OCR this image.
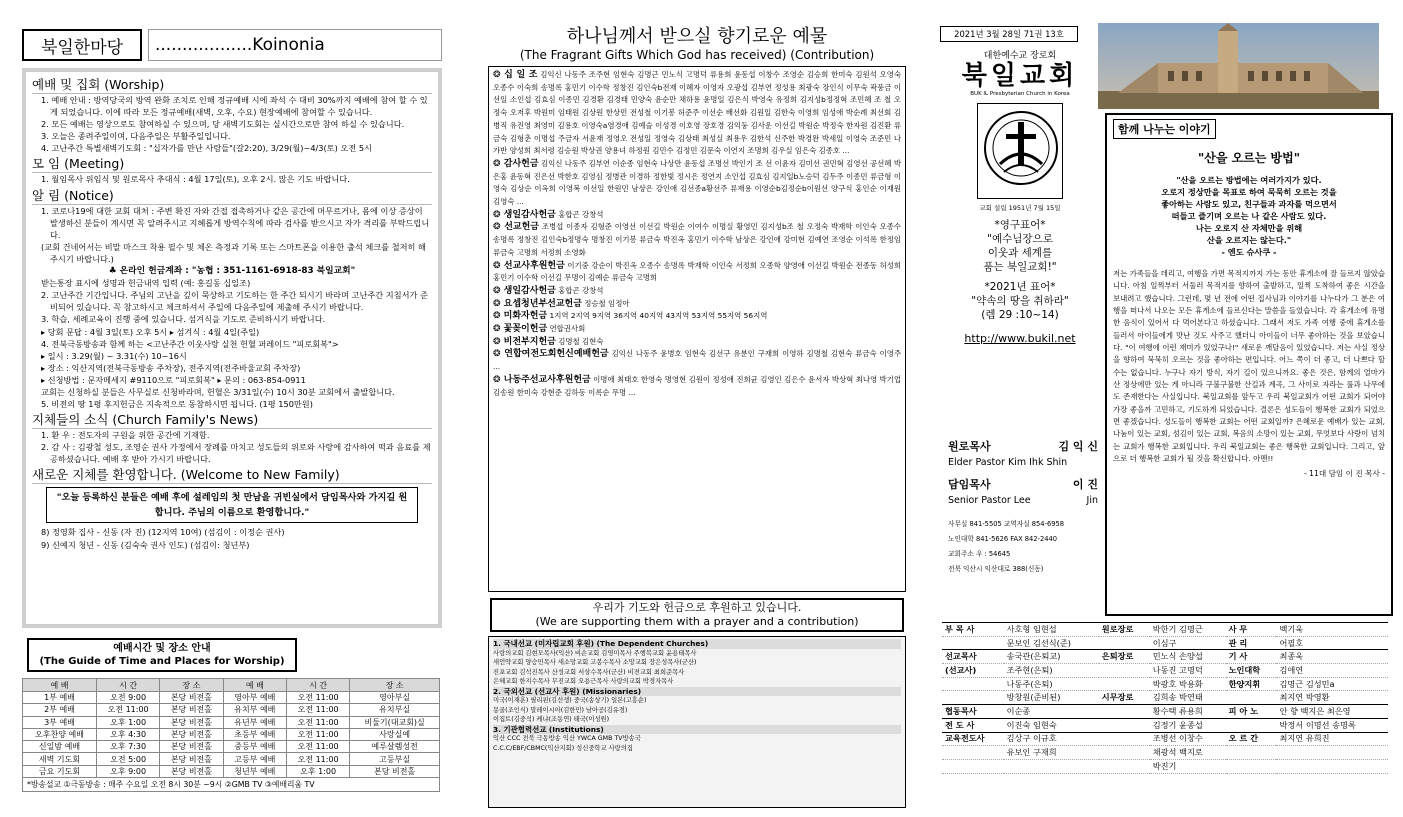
북일한마당	..................Koinonia
예배 및 집회 (Worship)
1. 예배 안내 : 방역당국의 방역 완화 조치로 인해 정규예배 시에 좌석 수 대비 30%까지 예배에 참여 할 수 있게 되었습니다. 이에 따라 모든 정규예배(새벽, 오후, 수요) 현장예배에 참여할 수 있습니다.
2. 모든 예배는 영상으로도 참여하실 수 있으며, 당 새벽기도회는 실시간으로만 참여 하실 수 있습니다.
3. 오늘은 종려주일이며, 다음주일은 부활주일입니다.
4. 고난주간 특별새벽기도회 : "십자가를 만난 사람들"(갈2:20), 3/29(월)~4/3(토) 오전 5시
모 임 (Meeting)
1. 월임목사 위임식 및 원로목사 추대식 : 4월 17일(토), 오후 2시. 많은 기도 바랍니다.
알 림 (Notice)
1. 코로나19에 대한 교회 대처 : 주변 확진 자와 간접 접촉하거나 같은 공간에 머무르거나, 몸에 이상 증상이 발생하신 분들이 계시면 꼭 알려주시고 지혜롭게 방역수칙에 따라 검사를 받으시고 자가 격리를 부탁드립니다.
(교회 건네어서는 비말 마스크 착용 필수 및 체온 측정과 기록 또는 스마트폰을 이용한 출석 체크를 철저히 해 주시기 바랍니다.)
♣ 온라인 헌금계좌 : "농협 : 351-1161-6918-83 북일교회"
받는통장 표시에 성명과 헌금내역 입력 (예: 홍길동 십일조)
2. 고난주간 기간입니다. 주님의 고난을 깊이 묵상하고 기도하는 한 주간 되시기 바라며 고난주간 지침서가 준비되어 있습니다. 꼭 참고하시고 체크하셔서 주일에 다음주일에 제출해 주시기 바랍니다.
3. 학습, 세례교육이 진행 중에 있습니다. 섬겨식을 기도로 준비하시기 바랍니다.
▸ 당회 문답 : 4월 3일(토) 오후 5시 ▸ 섬겨식 : 4월 4일(주일)
4. 전북극동방송과 함께 하는 <고난주간 이웃사랑 실천 헌혈 퍼레이드 "피로회복">
▸ 일시 : 3.29(월) ~ 3.31(수) 10~16시
▸ 장소 : 익산지역(전북극동방송 주차장), 전주지역(전주바울교회 주차장)
▸ 신청방법 : 문자메세지 #9110으로 "피로회복" ▸ 문의 : 063-854-0911
교회는 신청하실 분들은 사무실로 신청바라며, 헌혈은 3/31일(수) 10시 30분 교회에서 출발합니다.
5. 비전의 땅 1평 후지헌금은 지속적으로 동참하시면 됩니다. (1평 150만원)
지체들의 소식 (Church Family's News)
1. 환 우 : 전도자의 구원을 위한 공간에 기재함.
2. 감 사 : 김광철 성도, 조영순 권사 가정에서 장례를 마치고 성도들의 위로와 사랑에 감사하여 떡과 음료를 제공하셨습니다. 예배 후 받아 가시기 바랍니다.
새로운 지체를 환영합니다. (Welcome to New Family)
"오늘 등록하신 분들은 예배 후에 설레임의 첫 만남을 귀빈실에서 담임목사와 가지길 원합니다. 주님의 이름으로 환영합니다."
8) 정영화 집사 - 신동 (자 진) (12지역 10여) (섬김이 : 이정순 권사)
9) 신예지 청년 - 신동 (김숙숙 권사 인도) (섬김이: 청년부)
예배시간 및 장소 안내
(The Guide of Time and Places for Worship)
예 배	시 간	장 소	예 배	시 간	장 소
1부 예배	오전 9:00	본당 비전홀	영아부 예배	오전 11:00	영아부실
2부 예배	오전 11:00	본당 비전홀	유치부 예배	오전 11:00	유치부실
3부 예배	오후 1:00	본당 비전홀	유년부 예배	오전 11:00	비둘기(대교회)실
오후찬양 예배	오후 4:30	본당 비전홀	초등부 예배	오전 11:00	사랑실예
신일밤 예배	오후 7:30	본당 비전홀	중등부 예배	오전 11:00	예루살렘성전
새벽 기도회	오전 5:00	본당 비전홀	고등부 예배	오전 11:00	고등부실
금요 기도회	오후 9:00	본당 비전홀	청년부 예배	오후 1:00	본당 비전홀
*방송설교 ①극동방송 : 매주 수요일 오전 8시 30분 ~9시 ②GMB TV ③예배리움 TV
하나님께서 받으실 향기로운 예물
(The Fragrant Gifts Which God has received) (Contribution)

❂ 십 일 조 김익신 나동주 조주현 임현숙 김명근 민노식 고명덕 류용희 윤동섭 이창수 조영순 김승희 한미숙 김원석 오영숙 오종수 이숙희 송명록 홍민기 이수학 정창진 김인숙b전재 이혜자 이영자 오광섭 김부연 정성용 최광숙 장인식 이무숙 곽풍금 이선일 소인섭 김효심 이종민 김경환 김경태 민양숙 윤순만 채하용 윤명일 김은식 박영숙 유정희 김지성b정정혁 조민혜 조 철 오정숙 오저후 박원미 임태원 김상원 한상민 전성철 이기봉 허준주 이선순 배선화 김원일 김한숙 이영희 임성애 박순례 최선회 김병직 유진영 최영미 김용호 이영숙a염경애 김예슬 이성경 이호영 장호경 김익둥 김사운 이선길 박원순 박정숙 한자원 김진환 류금숙 김형춘 이명섭 주금자 서윤재 정영오 전성일 정영숙 김상태 최성실 최용우 김한석 신주한 박경완 박세일 이영숙 조준민 나가반 양성희 최서령 김승원 박상권 양용녀 하정원 김민수 김정민 김문숙 이연지 조명희 김우실 임은숙 김종호 ...

❂ 감사헌금 김익신 나동주 김부연 이순종 임현숙 나상만 윤동섭 조명선 박인기 조 선 이윤자 김미선 권민혁 김영선 공선혜 박은홍 윤동혁 진은선 박한호 김영심 정병관 이경하 정한빛 정시은 정연지 소인섭 김효심 김지일b노승덕 김두주 이종민 류금형 이영숙 김상순 이옥희 이영복 이선일 한원민 남상은 강인애 김선종a황선주 류재용 이영순b김정순b이원선 양구식 홍인순 이재원 김영숙 ...

❂ 생일감사헌금 홍합곤 강창석

❂ 선교헌금 조병섭 이종자 김형준 이영선 이선길 박원순 이여수 이명실 황영민 김지성b조 철 오정숙 박재학 이인숙 오종수 송명록 정창진 김인숙b정명숙 명창진 이기봉 류금숙 박진옥 홍민기 이수학 남상은 강인애 강미현 김예연 조영순 이석록 한정임 류금숙 고명희 서정희 소영화

❂ 선교사후원헌금 이기중 강순이 박진옥 오종수 송명록 박재학 이인숙 서정희 오종학 양영애 이선길 박원순 전종동 허성희 홍민기 이수학 이선길 무명이 김예순 류금숙 고명희

❂ 생일감사헌금 홍합곤 강창석

❂ 요셉청년부선교헌금 정승철 임정아

❂ 미화자헌금 1지역 2지역 9지역 36지역 40지역 43지역 53지역 55지역 56지역

❂ 꽃꽂이헌금 연합권사회

❂ 비전부지헌금 김명철 김현숙

❂ 연합여전도회헌신예배헌금 김익신 나동주 윤병호 임현숙 김선구 유분인 구재희 이영하 김명철 김현숙 류금숙 이영주 ...

❂ 나동주선교사후원헌금 이명애 최태호 한영숙 명영현 김원이 정성애 진희균 김영인 김은수 윤서자 박상혁 최나영 박기업 김송원 한미숙 강현준 김하동 이록순 무명 ...

우리가 기도와 헌금으로 후원하고 있습니다.
(We are supporting them with a prayer and a contribution)
1. 국내선교 (미자립교회 후원) (The Dependent Churches)
사랑의교회 김현모목사(익산) 비손교회 김영미목사 주행복교회 윤용태목사
새언약교회 양승민목사 새소망교회 고봉수목사 소망교회 장은성목사(군산)
진포교회 김석진목사 산성교회 서상수목사(군산) 비젼교회 최희준목사
은혜교회 한지수목사 무진교회 오용근목사 사랑의교회 박경자목사
2. 국외선교 (선교사 후원) (Missionaries)
미국(이재훈) 필리핀(김선생) 중국(송상기) 일본(고흥순)
몽골(조인식) 말레이시아(김한민) 남아공(김유경)
이집트(김중석) 케냐(조동연) 태국(이성원)
3. 기관협력선교 (Institutions)
익산 CCC 전북 극동방송 익산 YWCA GMB TV방송국
C.C.C/EBF/CBMC(익산지회) 성신중학교 사랑의집
2021년 3월 28일 71권 13호
대한예수교 장로회
북일교회
BUK IL Presbyterian Church in Korea
교회 설립 1951년 7월 15일
*영구표어*
"예수님장으로
이웃과 세계를
품는 북일교회!"
*2021년 표어*
"약속의 땅을 취하라"
(렘 29 :10~14)
http://www.bukil.net
원로목사	김 익 신
Elder Pastor Kim Ihk Shin
담임목사	이 진
Senior Pastor Lee	Jin
사무실 841-5505 교역자실 854-6958
노인대학 841-5626 FAX 842-2440
교회주소 우 : 54645
전북 익산시 익산대로 388(신동)
함께 나누는 이야기
"산을 오르는 방법"
"산을 오르는 방법에는 여러가지가 있다.
오로지 정상만을 목표로 하여 묵묵히 오르는 것을
좋아하는 사람도 있고, 친구들과 과자를 먹으면서
떠들고 즐기며 오르는 나 같은 사람도 있다.
나는 오로지 산 자체만을 위해
산을 오르지는 않는다."
- 엔도 슈사쿠 -
저는 가족들을 데리고, 여행을 가면 목적지까지 가는 동안 휴게소에 잘 들르지 않았습니다. 아침 일찍부터 서둘러 목적지를 향하여 출발하고, 일찍 도착하여 좋은 시간을 보내려고 했습니다. 그런데, 몇 년 전에 어떤 집사님과 이야기를 나누다가 그 분은 여행을 떠나서 나오는 모든 휴게소에 들르신다는 말씀을 들었습니다. 각 휴게소에 유명한 음식이 있어서 다 먹어본다고 하셨습니다. 그래서 저도 가족 여행 중에 휴게소를 들러서 아이들에게 맛난 것도 사주고 했더니 아이들이 너무 좋아하는 것을 보았습니다. "이 여행에 이런 재미가 있었구나!" 새로운 깨달음이 있었습니다. 저는 사실 정상을 향하여 묵묵히 오르는 것을 좋아하는 편입니다. 어느 쪽이 더 좋고, 더 나쁘다 할 수는 없습니다. 누구나 자기 방식, 자기 길이 있으니까요. 좋은 것은, 함께의 얼마가 산 정상에만 있는 게 아니라 구불구불한 산길과 계곡, 그 사이로 자라는 풀과 나무에도 존재한다는 사실입니다. 북일교회를 앞두고 우리 북일교회가 어떤 교회가 되어야 가장 좋을까 고민하고, 기도하게 되었습니다. 결론은 성도들이 행복한 교회가 되었으면 좋겠습니다. 성도들이 행복한 교회는 어떤 교회일까? 은혜로운 예배가 있는 교회, 나눔이 있는 교회, 섬김이 있는 교회, 복음의 소망이 있는 교회, 무엇보다 사랑이 넘치는 교회가 행복한 교회입니다. 우리 북일교회는 좋은 행복한 교회입니다. 그리고, 앞으로 더 행복한 교회가 될 것을 확신합니다. 아멘!!
- 11대 담임 이 진 목사 -
부 목 사	사호형 임현섭	원로장로	박한기 김명근	사 무	백기욱
	문보인 김선식(준)		이심구	관 리	어필호
선교목사	송국관(은퇴교)	은퇴장로	민노식 손양섭	기 사	최종욱
(선교사)	조주현(은퇴)		나동진 고명덕	노인대학	김애연
	나동주(은퇴)		박광호 박용화	한양지휘	김명근 김성민a
	방창원(준비된)	시무장로	김희송 박연태		최지연 박영환
협동목사	이순종		황수택 류용희	피 아 노	안 향 백지은 최은영
전 도 사	이진숙 임현숙		김정기 윤종섭		박정서 이명선 송명록
교육전도사	김상구 이규호		조병선 이창수	오 르 간	최지연 유희진
	유보인 구재희		채광석 백지로		
			박진기		
